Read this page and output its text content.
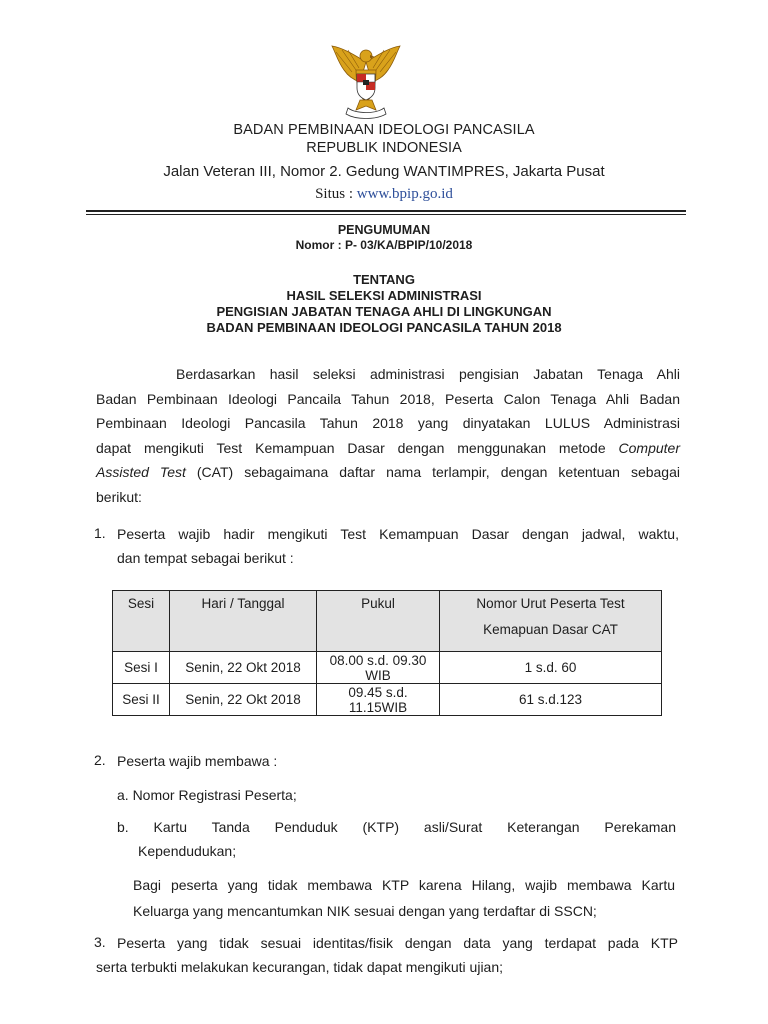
BADAN PEMBINAAN IDEOLOGI PANCASILA
REPUBLIK INDONESIA
Jalan Veteran III, Nomor 2. Gedung WANTIMPRES, Jakarta Pusat
Situs : www.bpip.go.id
PENGUMUMAN
Nomor : P- 03/KA/BPIP/10/2018
TENTANG
HASIL SELEKSI ADMINISTRASI
PENGISIAN JABATAN TENAGA AHLI DI LINGKUNGAN
BADAN PEMBINAAN IDEOLOGI PANCASILA TAHUN 2018
Berdasarkan hasil seleksi administrasi pengisian Jabatan Tenaga Ahli
Badan Pembinaan Ideologi Pancaila Tahun 2018, Peserta Calon Tenaga Ahli Badan
Pembinaan Ideologi Pancasila Tahun 2018 yang dinyatakan LULUS Administrasi
dapat mengikuti Test Kemampuan Dasar dengan menggunakan metode Computer
Assisted Test (CAT) sebagaimana daftar nama terlampir, dengan ketentuan sebagai
berikut:
1. Peserta wajib hadir mengikuti Test Kemampuan Dasar dengan jadwal, waktu,
dan tempat sebagai berikut :
Sesi	Hari / Tanggal	Pukul	Nomor Urut Peserta Test
Kemapuan Dasar CAT
Sesi I	Senin, 22 Okt 2018	08.00 s.d. 09.30 WIB	1 s.d. 60
Sesi II	Senin, 22 Okt 2018	09.45 s.d. 11.15WIB	61 s.d.123
2. Peserta wajib membawa :
a. Nomor Registrasi Peserta;
b. Kartu Tanda Penduduk (KTP) asli/Surat Keterangan Perekaman
Kependudukan;
Bagi peserta yang tidak membawa KTP karena Hilang, wajib membawa Kartu
Keluarga yang mencantumkan NIK sesuai dengan yang terdaftar di SSCN;
3. Peserta yang tidak sesuai identitas/fisik dengan data yang terdapat pada KTP
serta terbukti melakukan kecurangan, tidak dapat mengikuti ujian;
